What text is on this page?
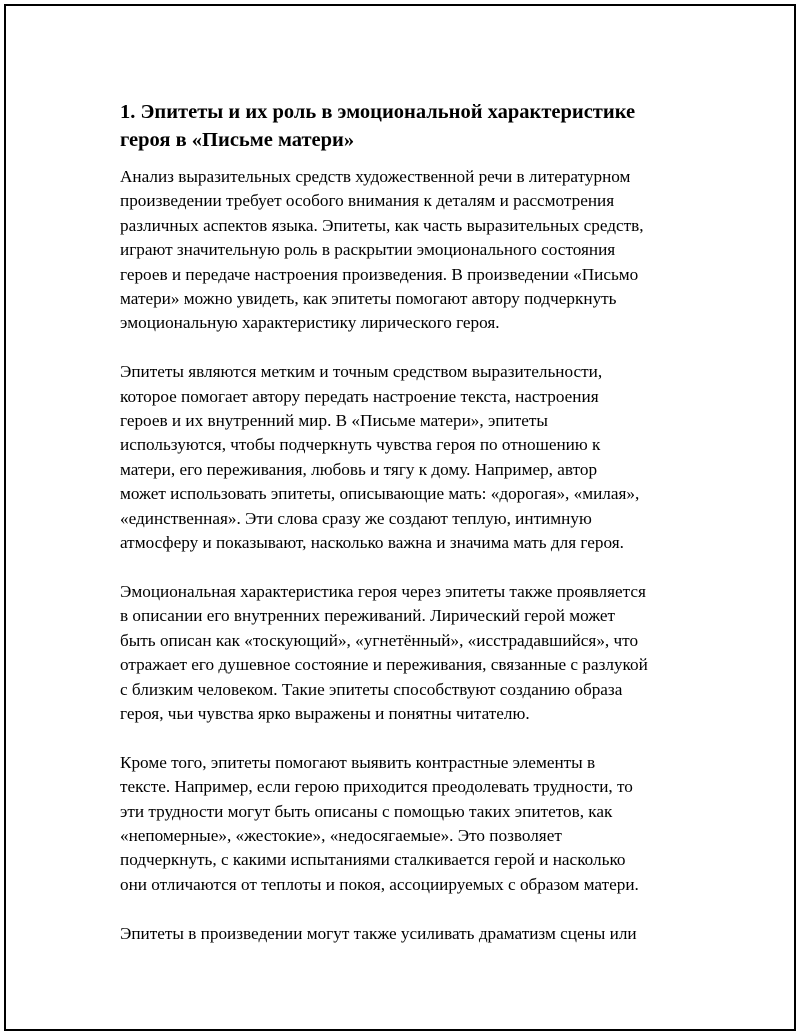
1. Эпитеты и их роль в эмоциональной характеристике
героя в «Письме матери»

Анализ выразительных средств художественной речи в литературном
произведении требует особого внимания к деталям и рассмотрения
различных аспектов языка. Эпитеты, как часть выразительных средств,
играют значительную роль в раскрытии эмоционального состояния
героев и передаче настроения произведения. В произведении «Письмо
матери» можно увидеть, как эпитеты помогают автору подчеркнуть
эмоциональную характеристику лирического героя.

Эпитеты являются метким и точным средством выразительности,
которое помогает автору передать настроение текста, настроения
героев и их внутренний мир. В «Письме матери», эпитеты
используются, чтобы подчеркнуть чувства героя по отношению к
матери, его переживания, любовь и тягу к дому. Например, автор
может использовать эпитеты, описывающие мать: «дорогая», «милая»,
«единственная». Эти слова сразу же создают теплую, интимную
атмосферу и показывают, насколько важна и значима мать для героя.

Эмоциональная характеристика героя через эпитеты также проявляется
в описании его внутренних переживаний. Лирический герой может
быть описан как «тоскующий», «угнетённый», «исстрадавшийся», что
отражает его душевное состояние и переживания, связанные с разлукой
с близким человеком. Такие эпитеты способствуют созданию образа
героя, чьи чувства ярко выражены и понятны читателю.

Кроме того, эпитеты помогают выявить контрастные элементы в
тексте. Например, если герою приходится преодолевать трудности, то
эти трудности могут быть описаны с помощью таких эпитетов, как
«непомерные», «жестокие», «недосягаемые». Это позволяет
подчеркнуть, с какими испытаниями сталкивается герой и насколько
они отличаются от теплоты и покоя, ассоциируемых с образом матери.

Эпитеты в произведении могут также усиливать драматизм сцены или
